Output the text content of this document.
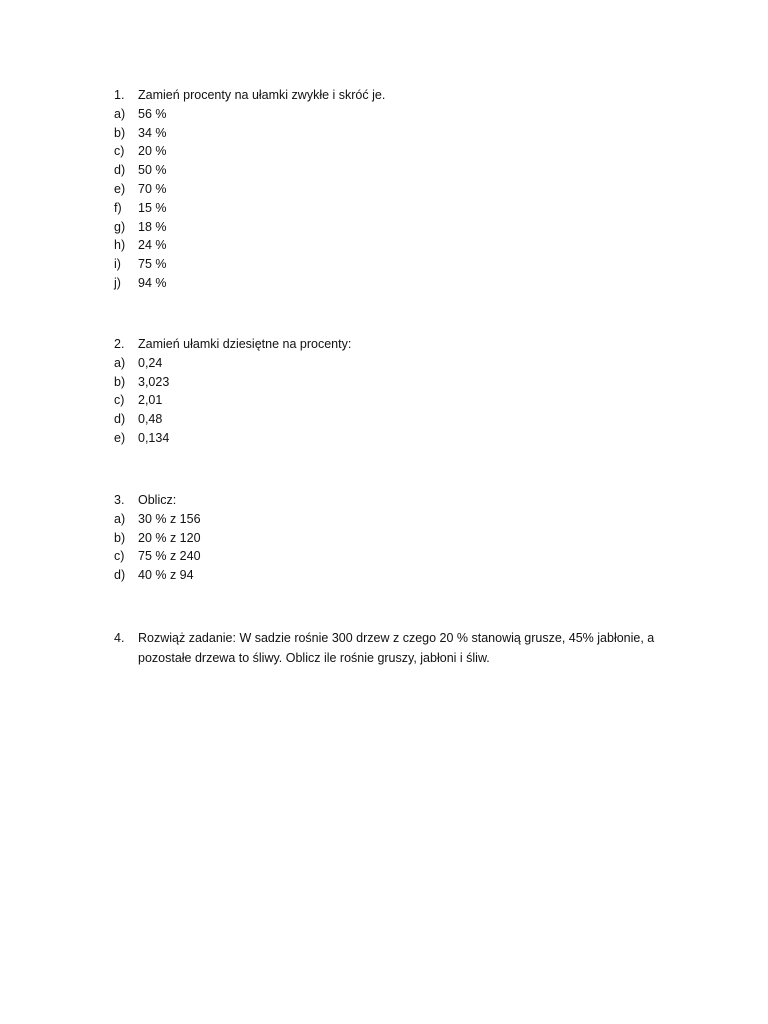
1.	Zamień procenty na ułamki zwykłe i skróć je.
a)	56 %
b)	34 %
c)	20 %
d)	50 %
e)	70 %
f)	15 %
g)	18 %
h)	24 %
i)	75 %
j)	94 %
2.	Zamień ułamki dziesiętne na procenty:
a)	0,24
b)	3,023
c)	2,01
d)	0,48
e)	0,134
3.	Oblicz:
a)	30 % z 156
b)	20 % z 120
c)	75 % z 240
d)	40 % z 94
4.	Rozwiąż zadanie: W sadzie rośnie 300 drzew z czego 20 % stanowią grusze, 45% jabłonie, a pozostałe drzewa to śliwy. Oblicz ile rośnie gruszy, jabłoni i śliw.
